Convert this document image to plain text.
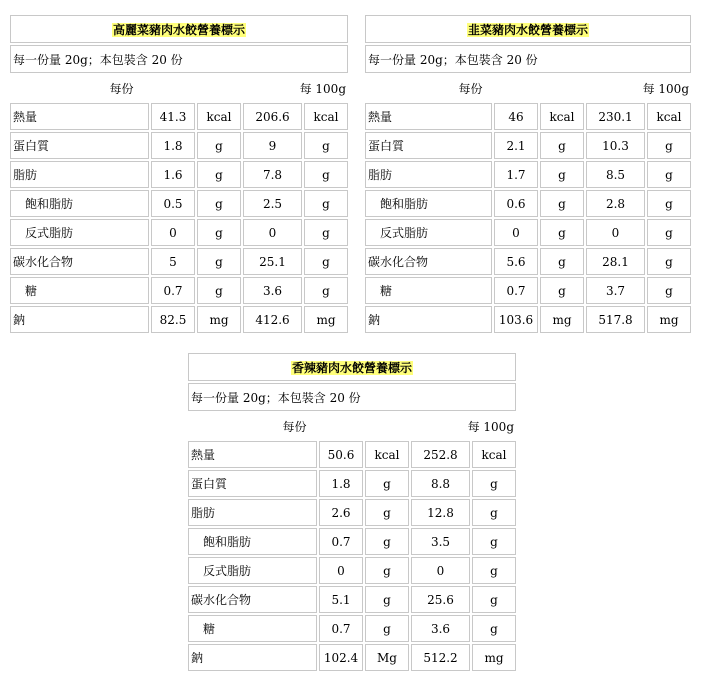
高麗菜豬肉水餃營養標示				
每一份量 20g；本包裝含 20 份				
每份		每 100g		
熱量	41.3	kcal	206.6	kcal
蛋白質	1.8	g	9	g
脂肪	1.6	g	7.8	g
飽和脂肪	0.5	g	2.5	g
反式脂肪	0	g	0	g
碳水化合物	5	g	25.1	g
糖	0.7	g	3.6	g
鈉	82.5	mg	412.6	mg
韭菜豬肉水餃營養標示				
每一份量 20g；本包裝含 20 份				
每份		每 100g		
熱量	46	kcal	230.1	kcal
蛋白質	2.1	g	10.3	g
脂肪	1.7	g	8.5	g
飽和脂肪	0.6	g	2.8	g
反式脂肪	0	g	0	g
碳水化合物	5.6	g	28.1	g
糖	0.7	g	3.7	g
鈉	103.6	mg	517.8	mg
香辣豬肉水餃營養標示				
每一份量 20g；本包裝含 20 份				
每份		每 100g		
熱量	50.6	kcal	252.8	kcal
蛋白質	1.8	g	8.8	g
脂肪	2.6	g	12.8	g
飽和脂肪	0.7	g	3.5	g
反式脂肪	0	g	0	g
碳水化合物	5.1	g	25.6	g
糖	0.7	g	3.6	g
鈉	102.4	Mg	512.2	mg
